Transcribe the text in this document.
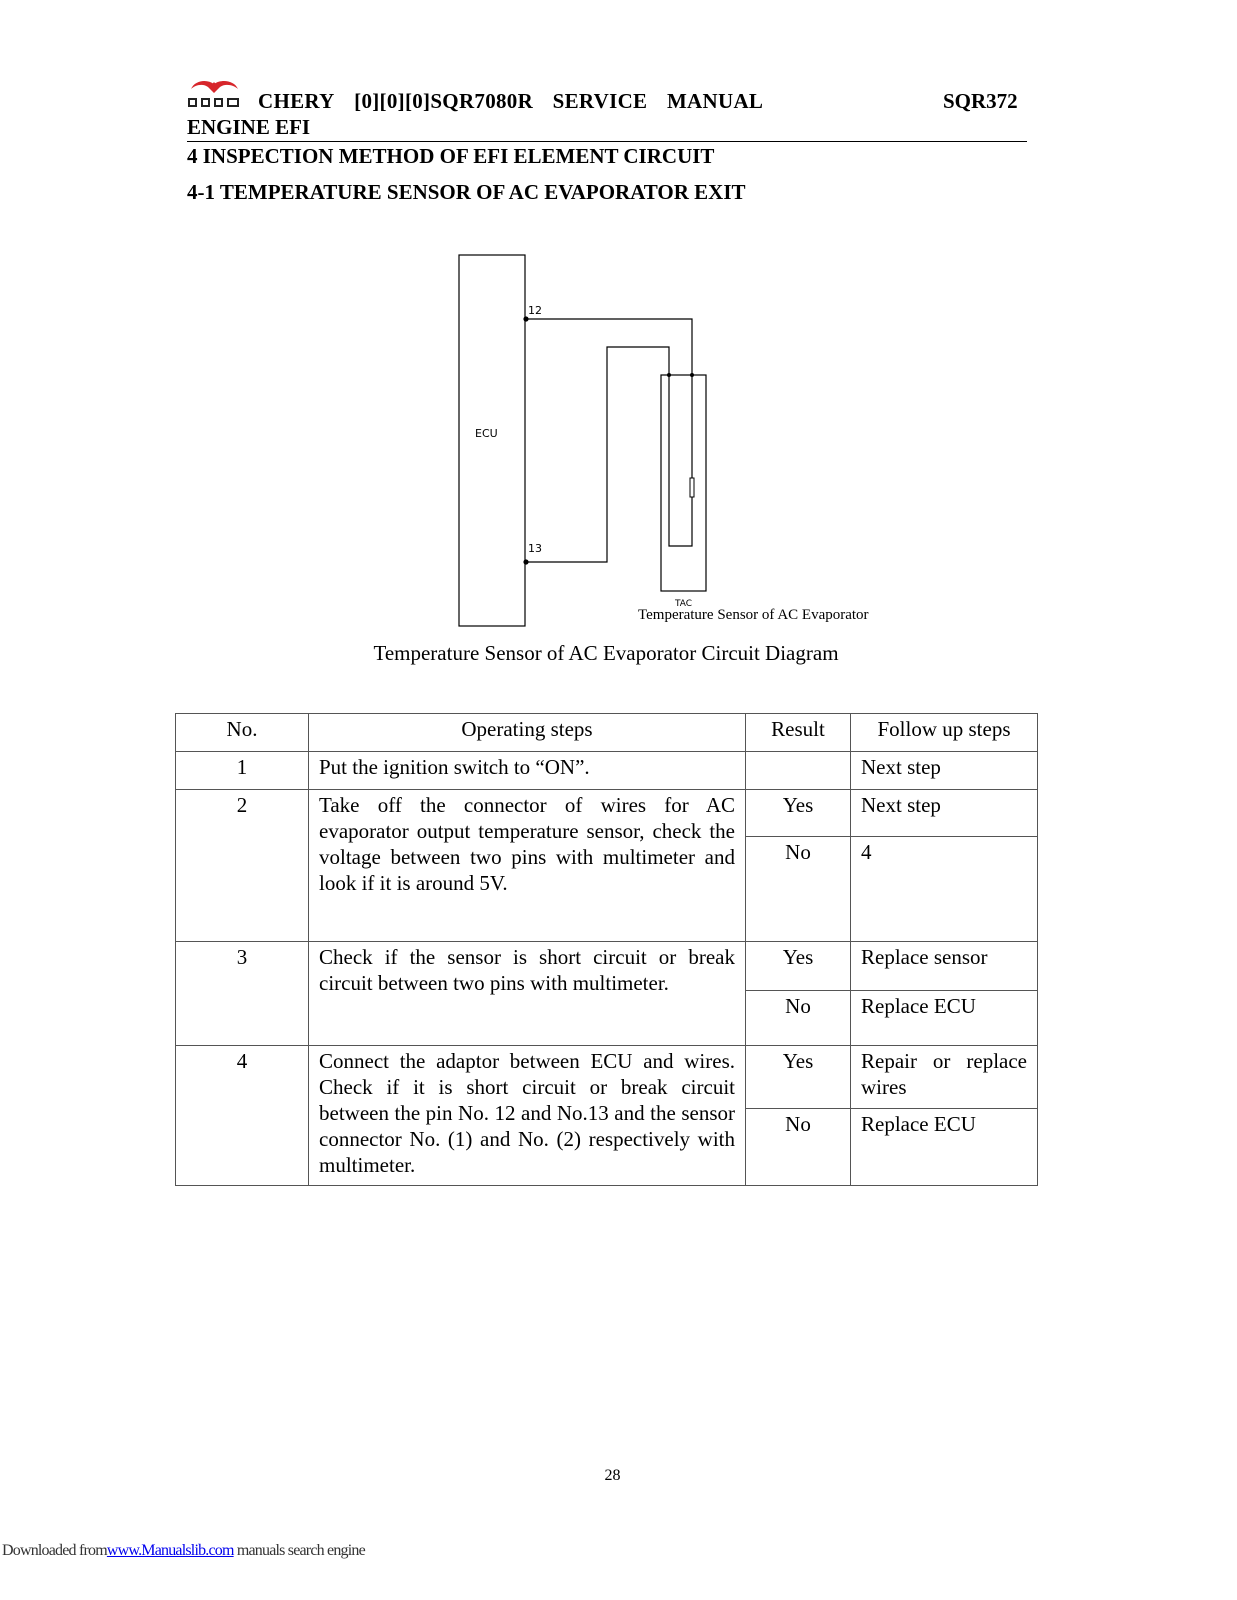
CHERY [0][0][0]SQR7080R SERVICE MANUAL	SQR372
ENGINE EFI
4 INSPECTION METHOD OF EFI ELEMENT CIRCUIT
4-1 TEMPERATURE SENSOR OF AC EVAPORATOR EXIT
ECU
12
13
TAC
Temperature Sensor of AC Evaporator
Temperature Sensor of AC Evaporator Circuit Diagram
No.	Operating steps	Result	Follow up steps
1	Put the ignition switch to “ON”.		Next step
2	Take off the connector of wires for AC evaporator output temperature sensor, check the voltage between two pins with multimeter and look if it is around 5V.	Yes	Next step
		No	4
3	Check if the sensor is short circuit or break circuit between two pins with multimeter.	Yes	Replace sensor
		No	Replace ECU
4	Connect the adaptor between ECU and wires. Check if it is short circuit or break circuit between the pin No. 12 and No.13 and the sensor connector No. (1) and No. (2) respectively with multimeter.	Yes	Repair or replace wires
		No	Replace ECU
28
Downloaded fromwww.Manualslib.com manuals search engine
